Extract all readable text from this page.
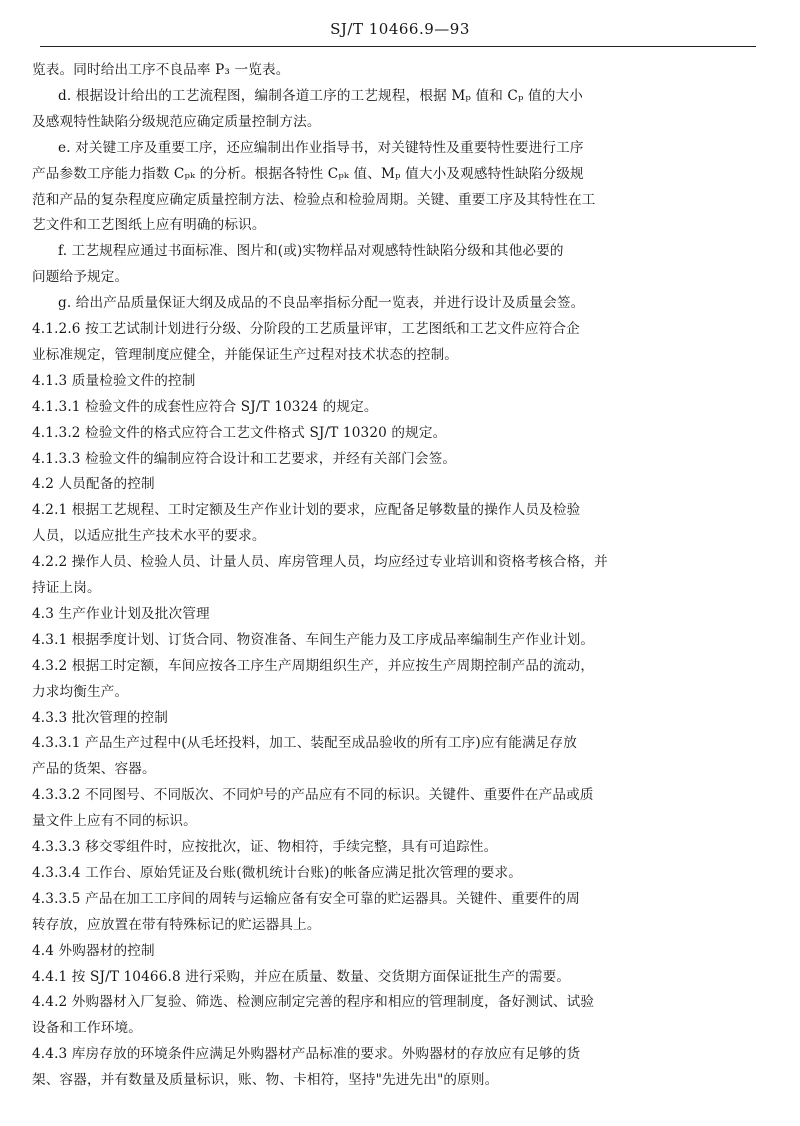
SJ/T 10466.9—93
览表。同时给出工序不良品率 P₃ 一览表。
d. 根据设计给出的工艺流程图，编制各道工序的工艺规程，根据 Mₚ 值和 Cₚ 值的大小
及感观特性缺陷分级规范应确定质量控制方法。
e. 对关键工序及重要工序，还应编制出作业指导书，对关键特性及重要特性要进行工序
产品参数工序能力指数 Cₚₖ 的分析。根据各特性 Cₚₖ 值、Mₚ 值大小及观感特性缺陷分级规
范和产品的复杂程度应确定质量控制方法、检验点和检验周期。关键、重要工序及其特性在工
艺文件和工艺图纸上应有明确的标识。
f. 工艺规程应通过书面标准、图片和(或)实物样品对观感特性缺陷分级和其他必要的
问题给予规定。
g. 给出产品质量保证大纲及成品的不良品率指标分配一览表，并进行设计及质量会签。
4.1.2.6 按工艺试制计划进行分级、分阶段的工艺质量评审，工艺图纸和工艺文件应符合企
业标准规定，管理制度应健全，并能保证生产过程对技术状态的控制。
4.1.3 质量检验文件的控制
4.1.3.1 检验文件的成套性应符合 SJ/T 10324 的规定。
4.1.3.2 检验文件的格式应符合工艺文件格式 SJ/T 10320 的规定。
4.1.3.3 检验文件的编制应符合设计和工艺要求，并经有关部门会签。
4.2 人员配备的控制
4.2.1 根据工艺规程、工时定额及生产作业计划的要求，应配备足够数量的操作人员及检验
人员，以适应批生产技术水平的要求。
4.2.2 操作人员、检验人员、计量人员、库房管理人员，均应经过专业培训和资格考核合格，并
持证上岗。
4.3 生产作业计划及批次管理
4.3.1 根据季度计划、订货合同、物资准备、车间生产能力及工序成品率编制生产作业计划。
4.3.2 根据工时定额，车间应按各工序生产周期组织生产，并应按生产周期控制产品的流动，
力求均衡生产。
4.3.3 批次管理的控制
4.3.3.1 产品生产过程中(从毛坯投料，加工、装配至成品验收的所有工序)应有能满足存放
产品的货架、容器。
4.3.3.2 不同图号、不同版次、不同炉号的产品应有不同的标识。关键件、重要件在产品或质
量文件上应有不同的标识。
4.3.3.3 移交零组件时，应按批次，证、物相符，手续完整，具有可追踪性。
4.3.3.4 工作台、原始凭证及台账(微机统计台账)的帐备应满足批次管理的要求。
4.3.3.5 产品在加工工序间的周转与运输应备有安全可靠的贮运器具。关键件、重要件的周
转存放，应放置在带有特殊标记的贮运器具上。
4.4 外购器材的控制
4.4.1 按 SJ/T 10466.8 进行采购，并应在质量、数量、交货期方面保证批生产的需要。
4.4.2 外购器材入厂复验、筛选、检测应制定完善的程序和相应的管理制度，备好测试、试验
设备和工作环境。
4.4.3 库房存放的环境条件应满足外购器材产品标准的要求。外购器材的存放应有足够的货
架、容器，并有数量及质量标识，账、物、卡相符，坚持"先进先出"的原则。
